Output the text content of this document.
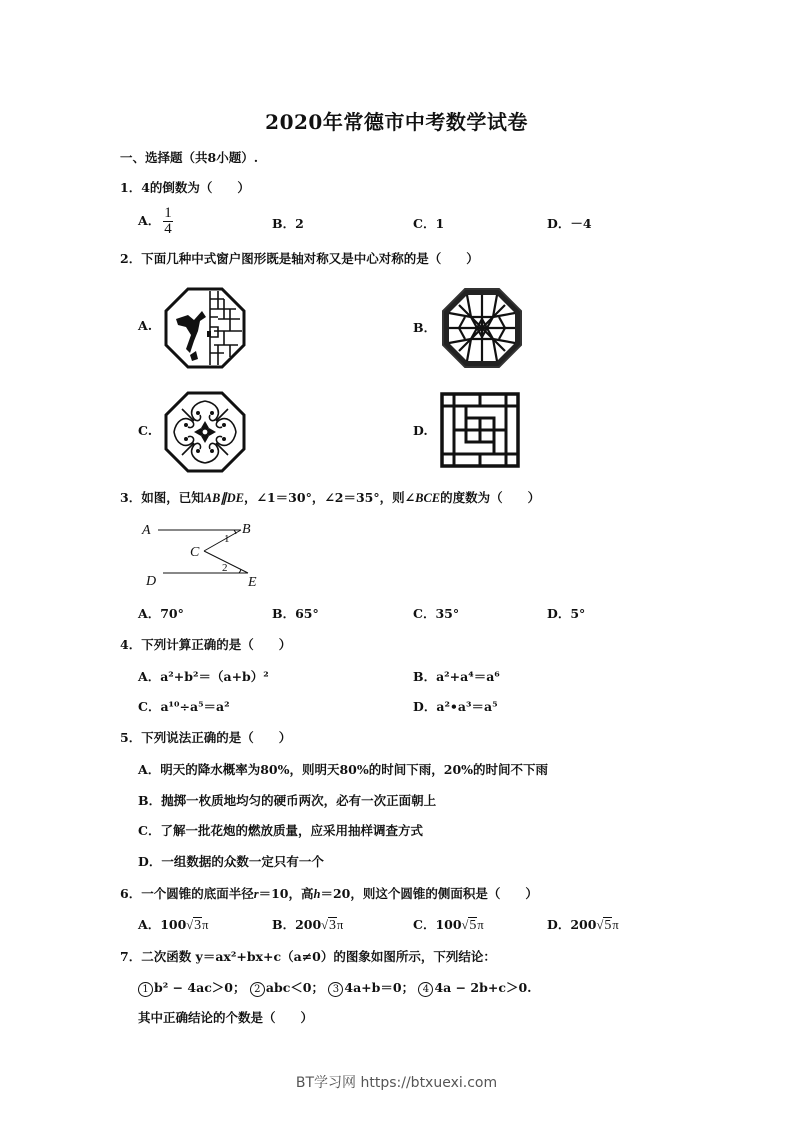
2020年常德市中考数学试卷
一、选择题（共8小题）.
1．4的倒数为（　　）
A． $\frac{1}{4}$	B．2	C．1	D．－4
2．下面几种中式窗户图形既是轴对称又是中心对称的是（　　）
A.	B．
C.	D.
3．如图，已知AB∥DE，∠1＝30°，∠2＝35°，则∠BCE的度数为（　　）
A	B
C
D	E
1
2
A．70°	B．65°	C．35°	D．5°
4．下列计算正确的是（　　）
A．a²+b²＝（a+b）²	B．a²+a⁴＝a⁶
C．a¹⁰÷a⁵＝a²	D．a²•a³＝a⁵
5．下列说法正确的是（　　）
A．明天的降水概率为80%，则明天80%的时间下雨，20%的时间不下雨
B．抛掷一枚质地均匀的硬币两次，必有一次正面朝上
C．了解一批花炮的燃放质量，应采用抽样调查方式
D．一组数据的众数一定只有一个
6．一个圆锥的底面半径r＝10，高h＝20，则这个圆锥的侧面积是（　　）
A．100√3π	B．200√3π	C．100√5π	D．200√5π
7．二次函数 y＝ax²+bx+c（a≠0）的图象如图所示，下列结论：
1 b² − 4ac＞0； 2 abc＜0； 3 4a+b＝0； 4 4a − 2b+c＞0.
其中正确结论的个数是（　　）
BT学习网 https://btxuexi.com
